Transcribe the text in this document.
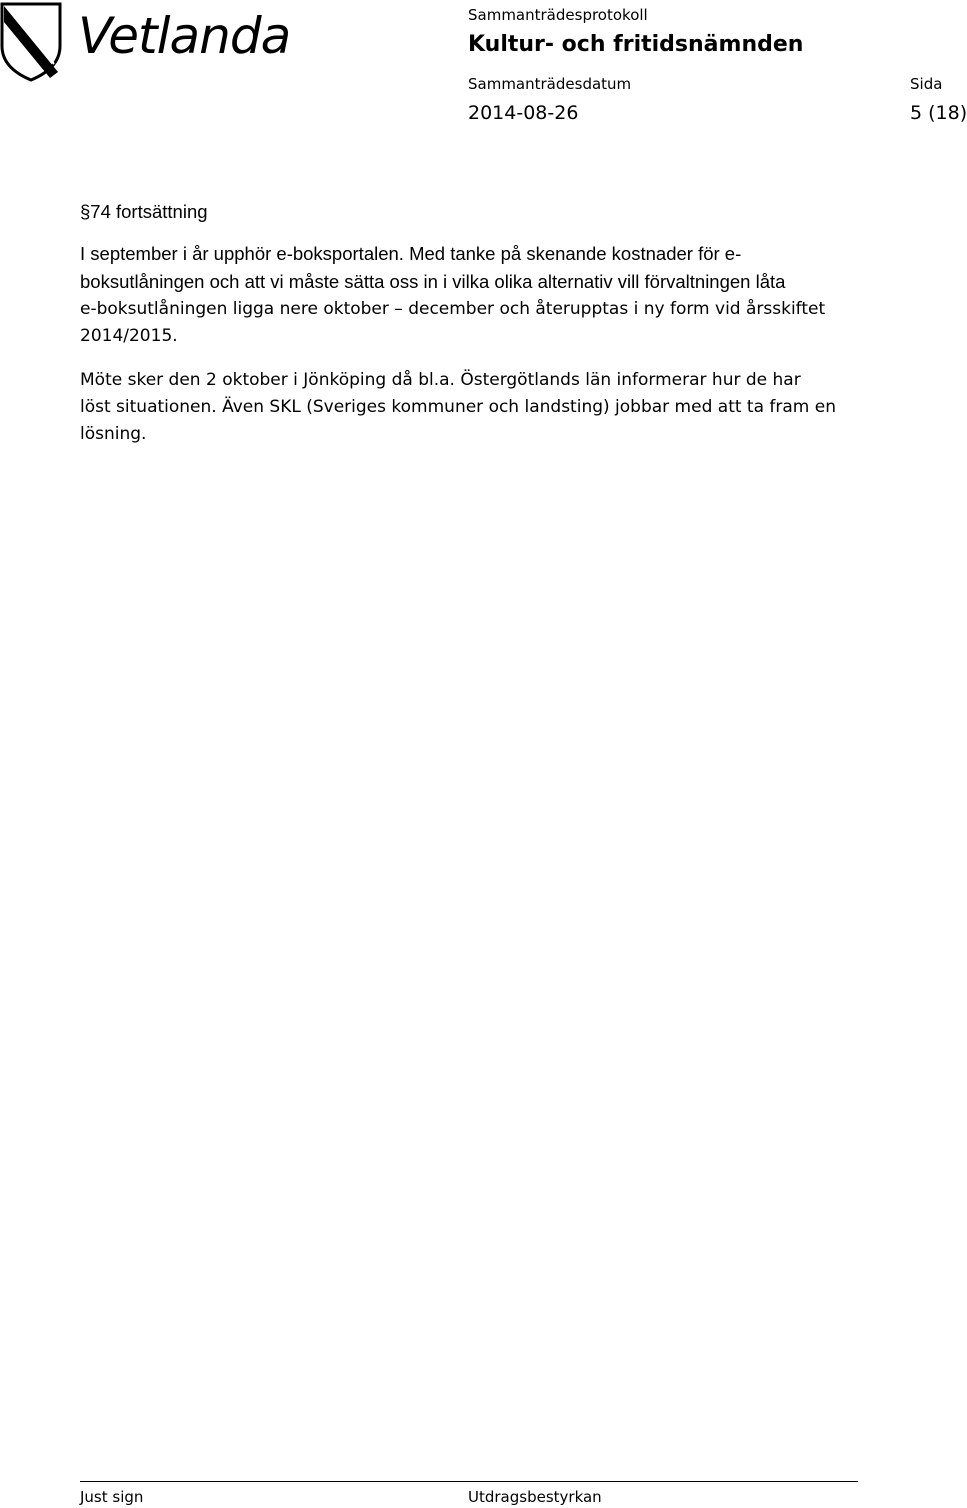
Vetlanda	Sammanträdesprotokoll
Kultur- och fritidsnämnden
Sammanträdesdatum	Sida
2014-08-26	5 (18)
§74 fortsättning
I september i år upphör e-boksportalen. Med tanke på skenande kostnader för e-
boksutlåningen och att vi måste sätta oss in i vilka olika alternativ vill förvaltningen låta
e-boksutlåningen ligga nere oktober – december och återupptas i ny form vid årsskiftet
2014/2015.
Möte sker den 2 oktober i Jönköping då bl.a. Östergötlands län informerar hur de har
löst situationen. Även SKL (Sveriges kommuner och landsting) jobbar med att ta fram en
lösning.
Just sign	Utdragsbestyrkan
